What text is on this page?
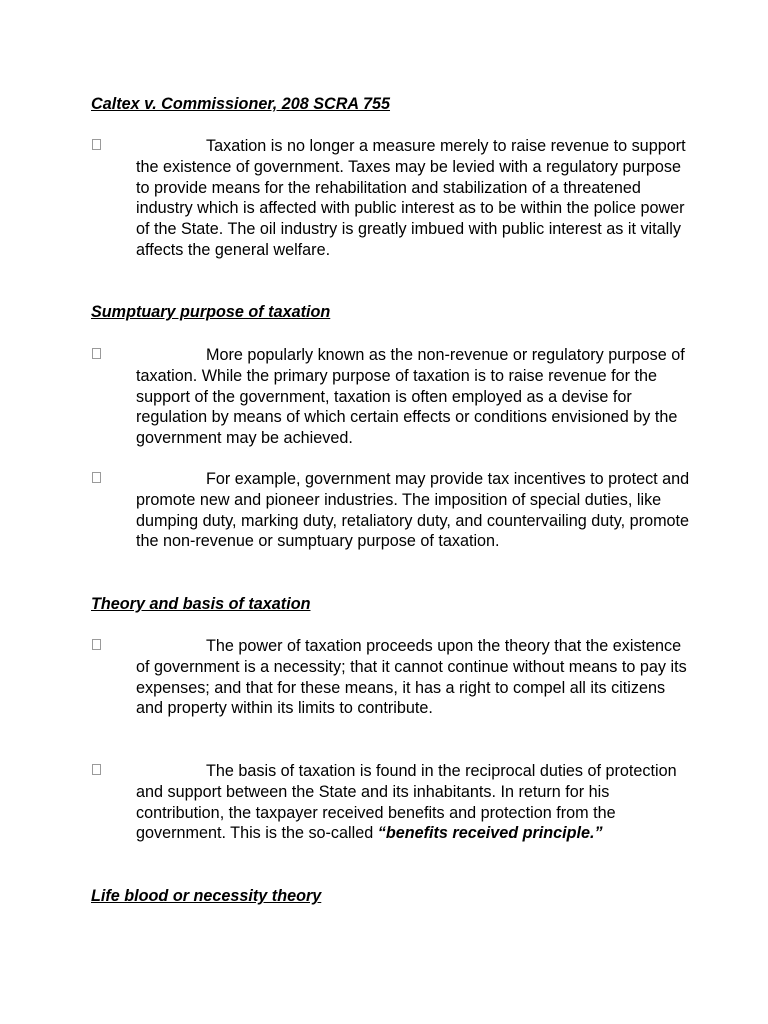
Caltex v. Commissioner, 208 SCRA 755

Taxation is no longer a measure merely to raise revenue to support the existence of government. Taxes may be levied with a regulatory purpose to provide means for the rehabilitation and stabilization of a threatened industry which is affected with public interest as to be within the police power of the State. The oil industry is greatly imbued with public interest as it vitally affects the general welfare.

Sumptuary purpose of taxation

More popularly known as the non-revenue or regulatory purpose of taxation. While the primary purpose of taxation is to raise revenue for the support of the government, taxation is often employed as a devise for regulation by means of which certain effects or conditions envisioned by the government may be achieved.

For example, government may provide tax incentives to protect and promote new and pioneer industries. The imposition of special duties, like dumping duty, marking duty, retaliatory duty, and countervailing duty, promote the non-revenue or sumptuary purpose of taxation.

Theory and basis of taxation

The power of taxation proceeds upon the theory that the existence of government is a necessity; that it cannot continue without means to pay its expenses; and that for these means, it has a right to compel all its citizens and property within its limits to contribute.

The basis of taxation is found in the reciprocal duties of protection and support between the State and its inhabitants. In return for his contribution, the taxpayer received benefits and protection from the government. This is the so-called “benefits received principle.”

Life blood or necessity theory
